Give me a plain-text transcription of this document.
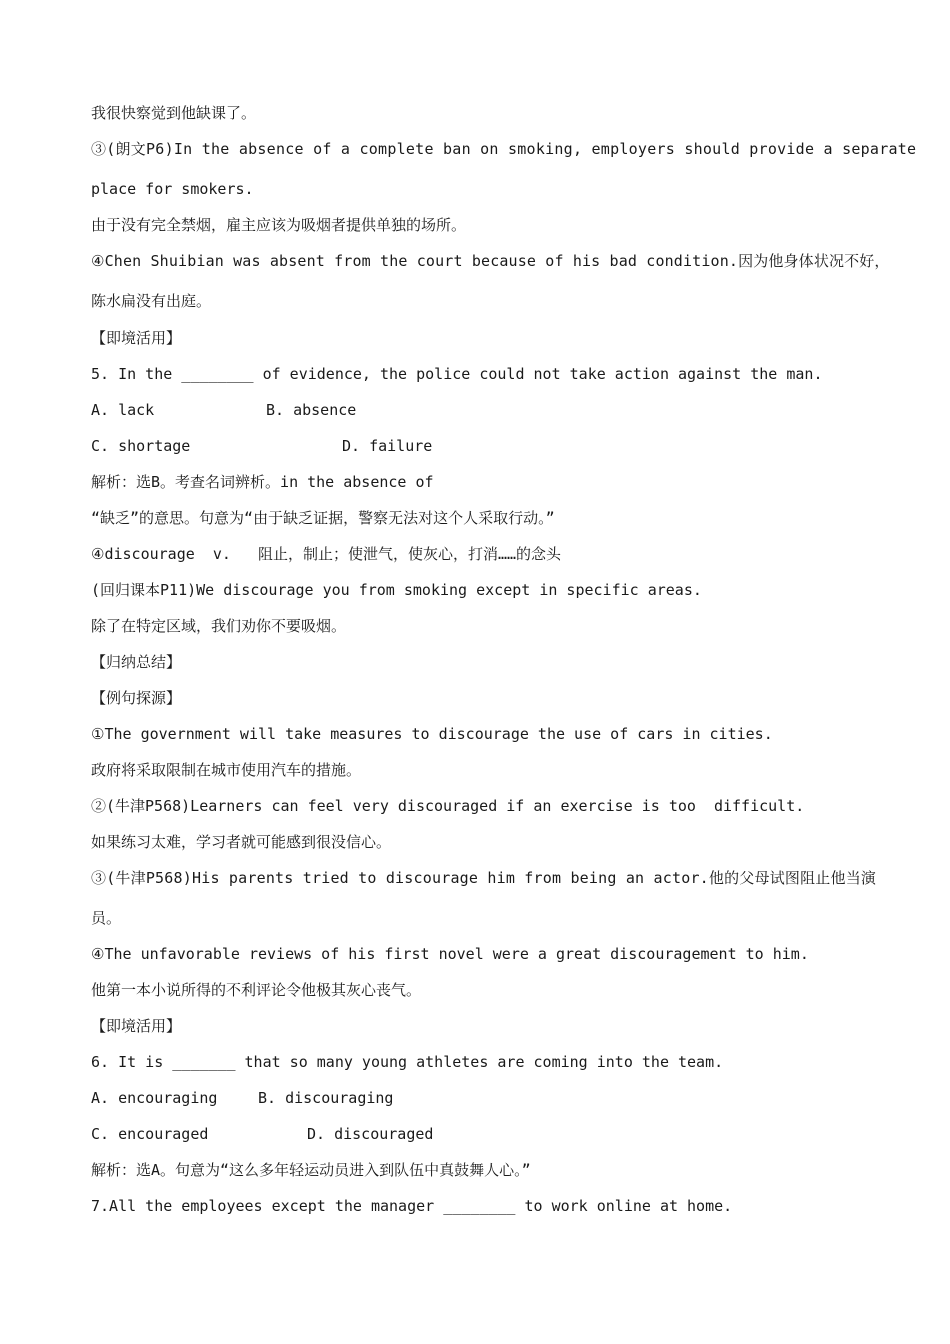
我很快察觉到他缺课了。
③(朗文P6)In the absence of a complete ban on smoking, employers should provide a separate
place for smokers.
由于没有完全禁烟，雇主应该为吸烟者提供单独的场所。
④Chen Shuibian was absent from the court because of his bad condition.因为他身体状况不好，
陈水扁没有出庭。
【即境活用】
5. In the ________ of evidence, the police could not take action against the man.
A. lack	B. absence
C. shortage	D. failure
解析：选B。考查名词辨析。in the absence of
“缺乏”的意思。句意为“由于缺乏证据，警察无法对这个人采取行动。”
④discourage  v.   阻止，制止；使泄气，使灰心，打消……的念头
(回归课本P11)We discourage you from smoking except in specific areas.
除了在特定区域，我们劝你不要吸烟。
【归纳总结】
【例句探源】
①The government will take measures to discourage the use of cars in cities.
政府将采取限制在城市使用汽车的措施。
②(牛津P568)Learners can feel very discouraged if an exercise is too  difficult.
如果练习太难，学习者就可能感到很没信心。
③(牛津P568)His parents tried to discourage him from being an actor.他的父母试图阻止他当演
员。
④The unfavorable reviews of his first novel were a great discouragement to him.
他第一本小说所得的不利评论令他极其灰心丧气。
【即境活用】
6. It is _______ that so many young athletes are coming into the team.
A. encouraging	B. discouraging
C. encouraged	D. discouraged
解析：选A。句意为“这么多年轻运动员进入到队伍中真鼓舞人心。”
7.All the employees except the manager ________ to work online at home.
